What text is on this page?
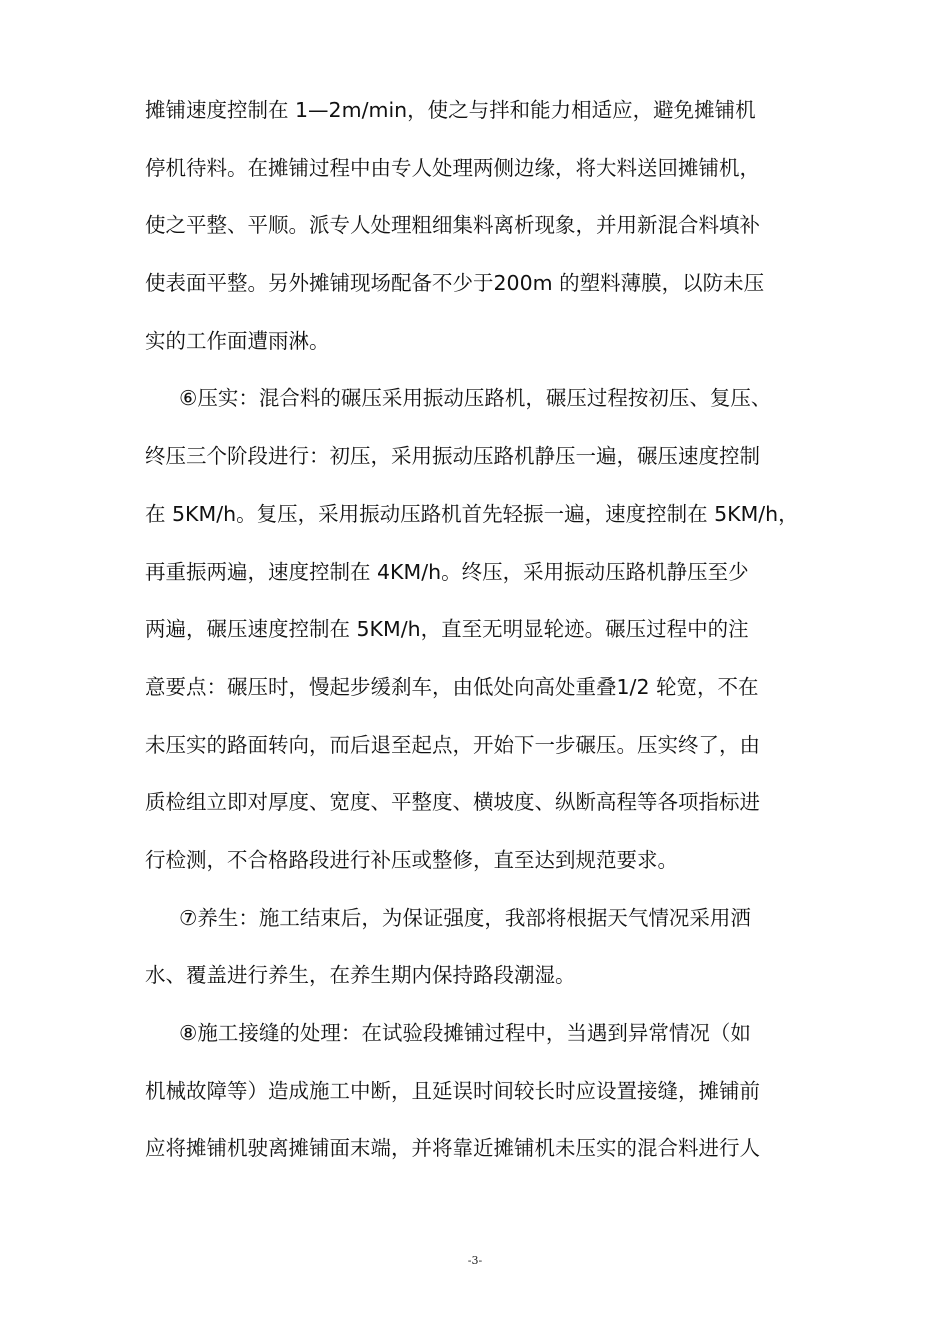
摊铺速度控制在 1—2m/min，使之与拌和能力相适应，避免摊铺机
停机待料。在摊铺过程中由专人处理两侧边缘，将大料送回摊铺机，
使之平整、平顺。派专人处理粗细集料离析现象，并用新混合料填补
使表面平整。另外摊铺现场配备不少于200m 的塑料薄膜，以防未压
实的工作面遭雨淋。
⑥压实：混合料的碾压采用振动压路机，碾压过程按初压、复压、
终压三个阶段进行：初压，采用振动压路机静压一遍，碾压速度控制
在 5KM/h。复压，采用振动压路机首先轻振一遍，速度控制在 5KM/h，
再重振两遍，速度控制在 4KM/h。终压，采用振动压路机静压至少
两遍，碾压速度控制在 5KM/h，直至无明显轮迹。碾压过程中的注
意要点：碾压时，慢起步缓刹车，由低处向高处重叠1/2 轮宽，不在
未压实的路面转向，而后退至起点，开始下一步碾压。压实终了，由
质检组立即对厚度、宽度、平整度、横坡度、纵断高程等各项指标进
行检测，不合格路段进行补压或整修，直至达到规范要求。
⑦养生：施工结束后，为保证强度，我部将根据天气情况采用洒
水、覆盖进行养生，在养生期内保持路段潮湿。
⑧施工接缝的处理：在试验段摊铺过程中，当遇到异常情况（如
机械故障等）造成施工中断，且延误时间较长时应设置接缝，摊铺前
应将摊铺机驶离摊铺面末端，并将靠近摊铺机未压实的混合料进行人
-3-
